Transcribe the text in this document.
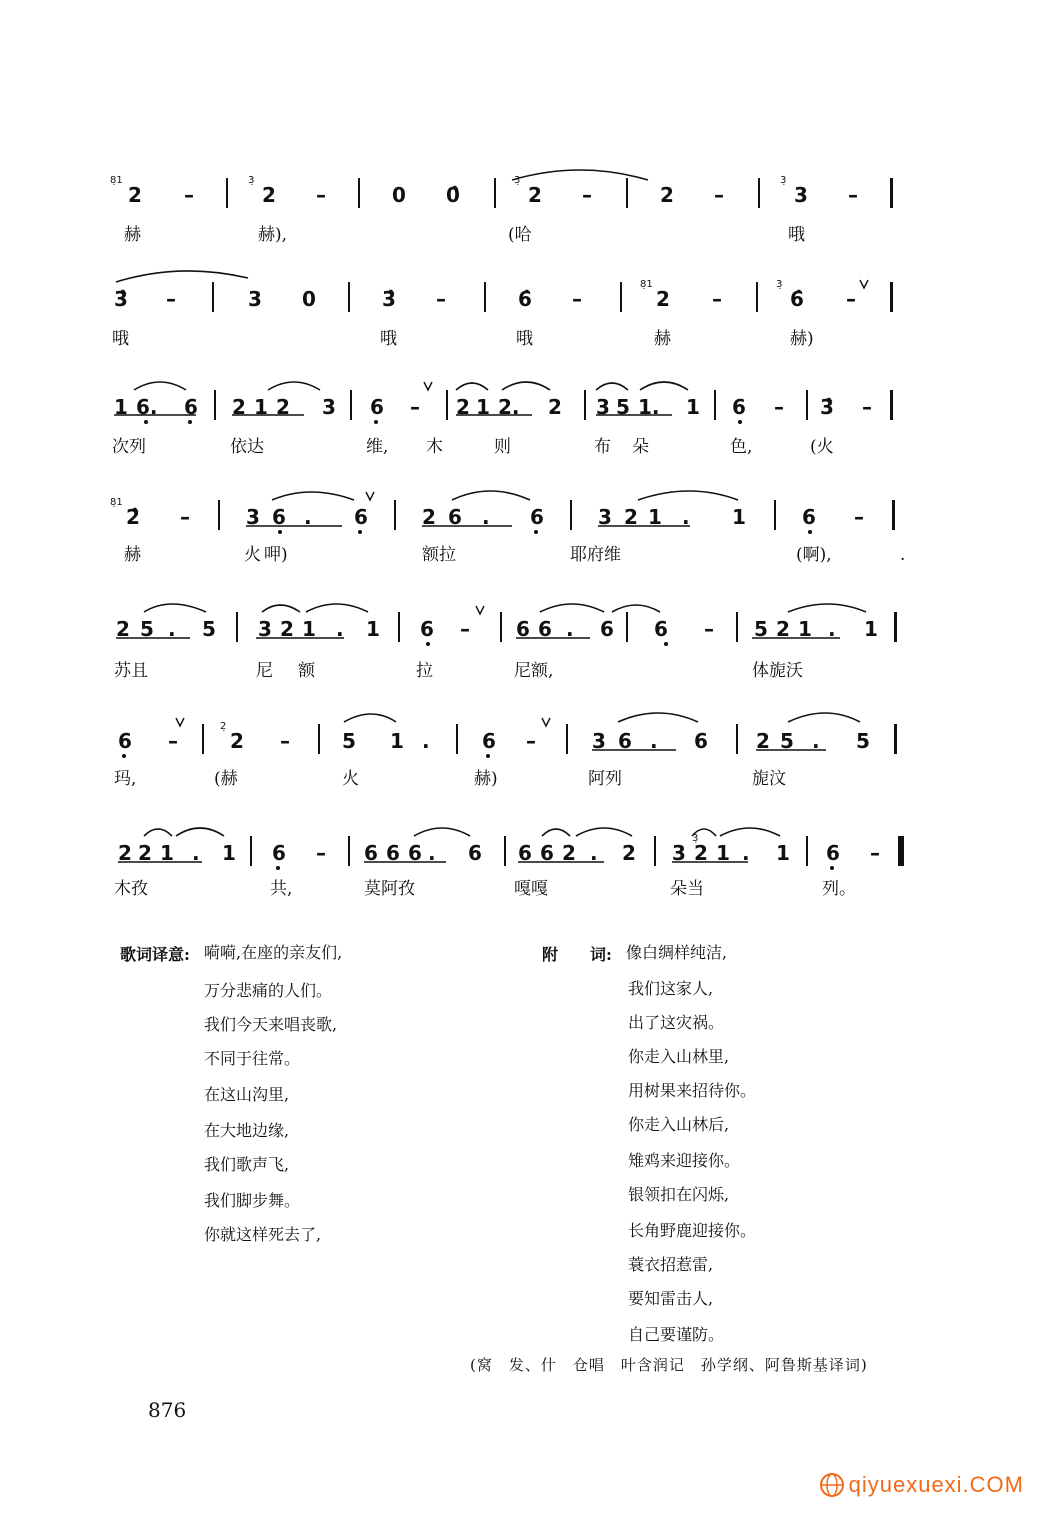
8̣1
2 –
3̣
2 –	0 0̂
3̣
2 –	2 –
3̣
3 –
赫	赫),	(哈	哦
3̂ –	3 0	3̂ –	6̂ –
8̣1
2 –
3̣
6̂ –
哦	哦	哦	赫	赫)
1 6. 6 2 1 2 3 6 – 2 1 2. 2 3 5 1. 1 6 – 3̂ –
次列	依达	维, 木	则	布 朵	色,	(火
8̣1
2̂ –	3 6 . 6	2 6 . 6	3 2 1 . 1	6 –
赫	火 呷)	额拉	耶府维	(啊),	.
2 5 . 5 3 2 1 . 1 6 – 6 6 . 6 6 – 5 2 1 . 1
苏且	尼 额	拉	尼额,	体旎沃
6 –
2̣
2 –	5 1 .	6 –	3 6 . 6 2 5 . 5
玛,	(赫	火	赫)	阿列	旎汶
2 2 1 . 1 6 – 6 6 6 . 6 6 6 2 . 2 3
3̣
2 1 . 1 6 –
木孜	共,	莫阿孜	嘎嘎	朵当	列。
歌词译意: 嗬嗬,在座的亲友们,
万分悲痛的人们。
我们今天来唱丧歌,
不同于往常。
在这山沟里,
在大地边缘,
我们歌声飞,
我们脚步舞。
你就这样死去了,
附　　词: 像白绸样纯洁,
我们这家人,
出了这灾祸。
你走入山林里,
用树果来招待你。
你走入山林后,
雉鸡来迎接你。
银领扣在闪烁,
长角野鹿迎接你。
蓑衣招惹雷,
要知雷击人,
自己要谨防。
(窝　发、什　仓唱　叶含润记　孙学纲、阿鲁斯基译词)
876
qiyuexuexi.COM
